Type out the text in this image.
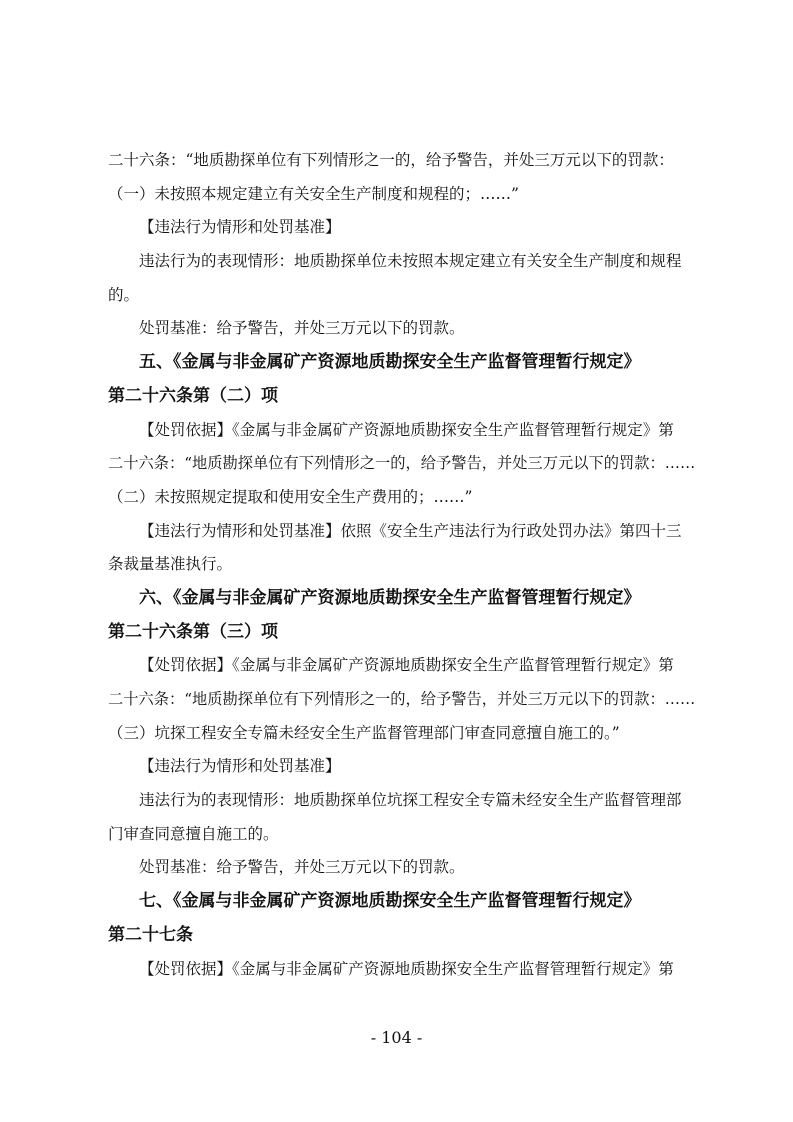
二十六条：“地质勘探单位有下列情形之一的，给予警告，并处三万元以下的罚款：
（一）未按照本规定建立有关安全生产制度和规程的；……”
【违法行为情形和处罚基准】
违法行为的表现情形：地质勘探单位未按照本规定建立有关安全生产制度和规程
的。
处罚基准：给予警告，并处三万元以下的罚款。
五、《金属与非金属矿产资源地质勘探安全生产监督管理暂行规定》
第二十六条第（二）项
【处罚依据】《金属与非金属矿产资源地质勘探安全生产监督管理暂行规定》第
二十六条：“地质勘探单位有下列情形之一的，给予警告，并处三万元以下的罚款：……
（二）未按照规定提取和使用安全生产费用的；……”
【违法行为情形和处罚基准】依照《安全生产违法行为行政处罚办法》第四十三
条裁量基准执行。
六、《金属与非金属矿产资源地质勘探安全生产监督管理暂行规定》
第二十六条第（三）项
【处罚依据】《金属与非金属矿产资源地质勘探安全生产监督管理暂行规定》第
二十六条：“地质勘探单位有下列情形之一的，给予警告，并处三万元以下的罚款：……
（三）坑探工程安全专篇未经安全生产监督管理部门审查同意擅自施工的。”
【违法行为情形和处罚基准】
违法行为的表现情形：地质勘探单位坑探工程安全专篇未经安全生产监督管理部
门审查同意擅自施工的。
处罚基准：给予警告，并处三万元以下的罚款。
七、《金属与非金属矿产资源地质勘探安全生产监督管理暂行规定》
第二十七条
【处罚依据】《金属与非金属矿产资源地质勘探安全生产监督管理暂行规定》第
- 104 -
